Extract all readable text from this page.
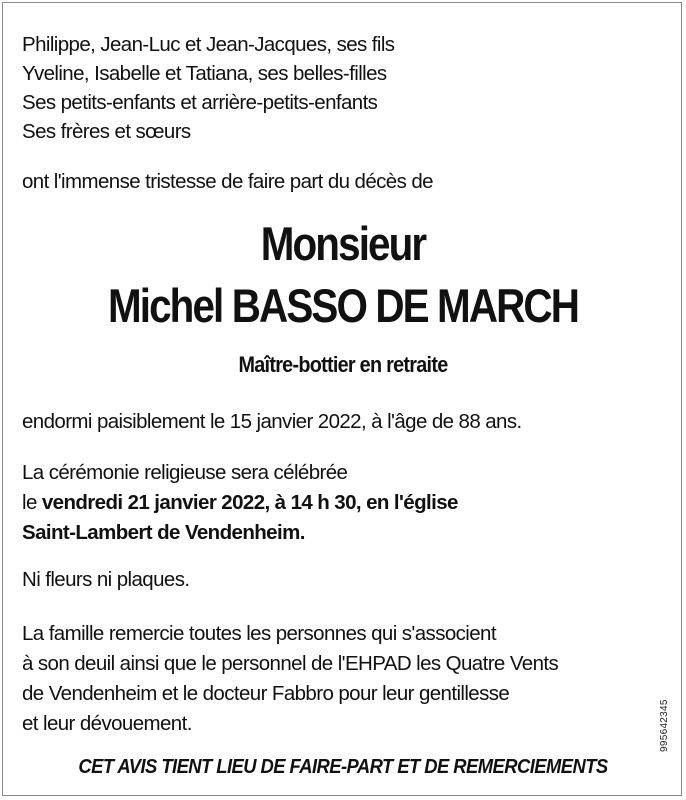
Philippe, Jean-Luc et Jean-Jacques, ses fils
Yveline, Isabelle et Tatiana, ses belles-filles
Ses petits-enfants et arrière-petits-enfants
Ses frères et sœurs
ont l'immense tristesse de faire part du décès de
Monsieur
Michel BASSO DE MARCH
Maître-bottier en retraite
endormi paisiblement le 15 janvier 2022, à l'âge de 88 ans.
La cérémonie religieuse sera célébrée
le vendredi 21 janvier 2022, à 14 h 30, en l'église
Saint-Lambert de Vendenheim.
Ni fleurs ni plaques.
La famille remercie toutes les personnes qui s'associent
à son deuil ainsi que le personnel de l'EHPAD les Quatre Vents
de Vendenheim et le docteur Fabbro pour leur gentillesse
et leur dévouement.
CET AVIS TIENT LIEU DE FAIRE-PART ET DE REMERCIEMENTS
995642345
